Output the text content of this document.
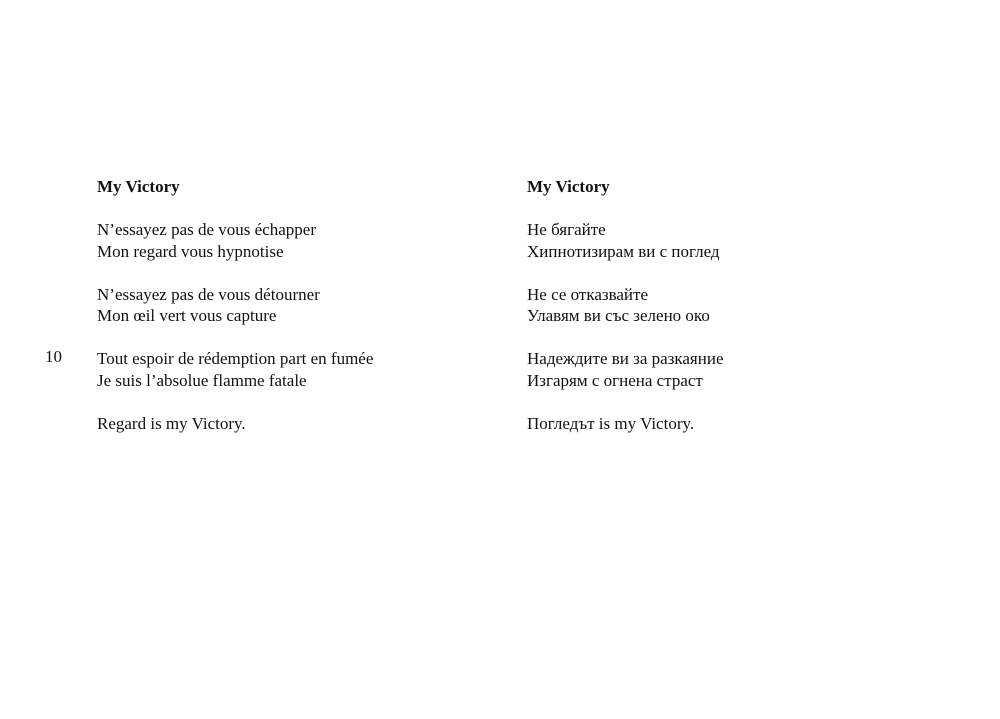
10
My Victory
N’essayez pas de vous échapper
Mon regard vous hypnotise
N’essayez pas de vous détourner
Mon œil vert vous capture
Tout espoir de rédemption part en fumée
Je suis l’absolue flamme fatale
Regard is my Victory.
My Victory
Не бягайте
Хипнотизирам ви с поглед
Не се отказвайте
Улавям ви със зелено око
Надеждите ви за разкаяние
Изгарям с огнена страст
Погледът is my Victory.
